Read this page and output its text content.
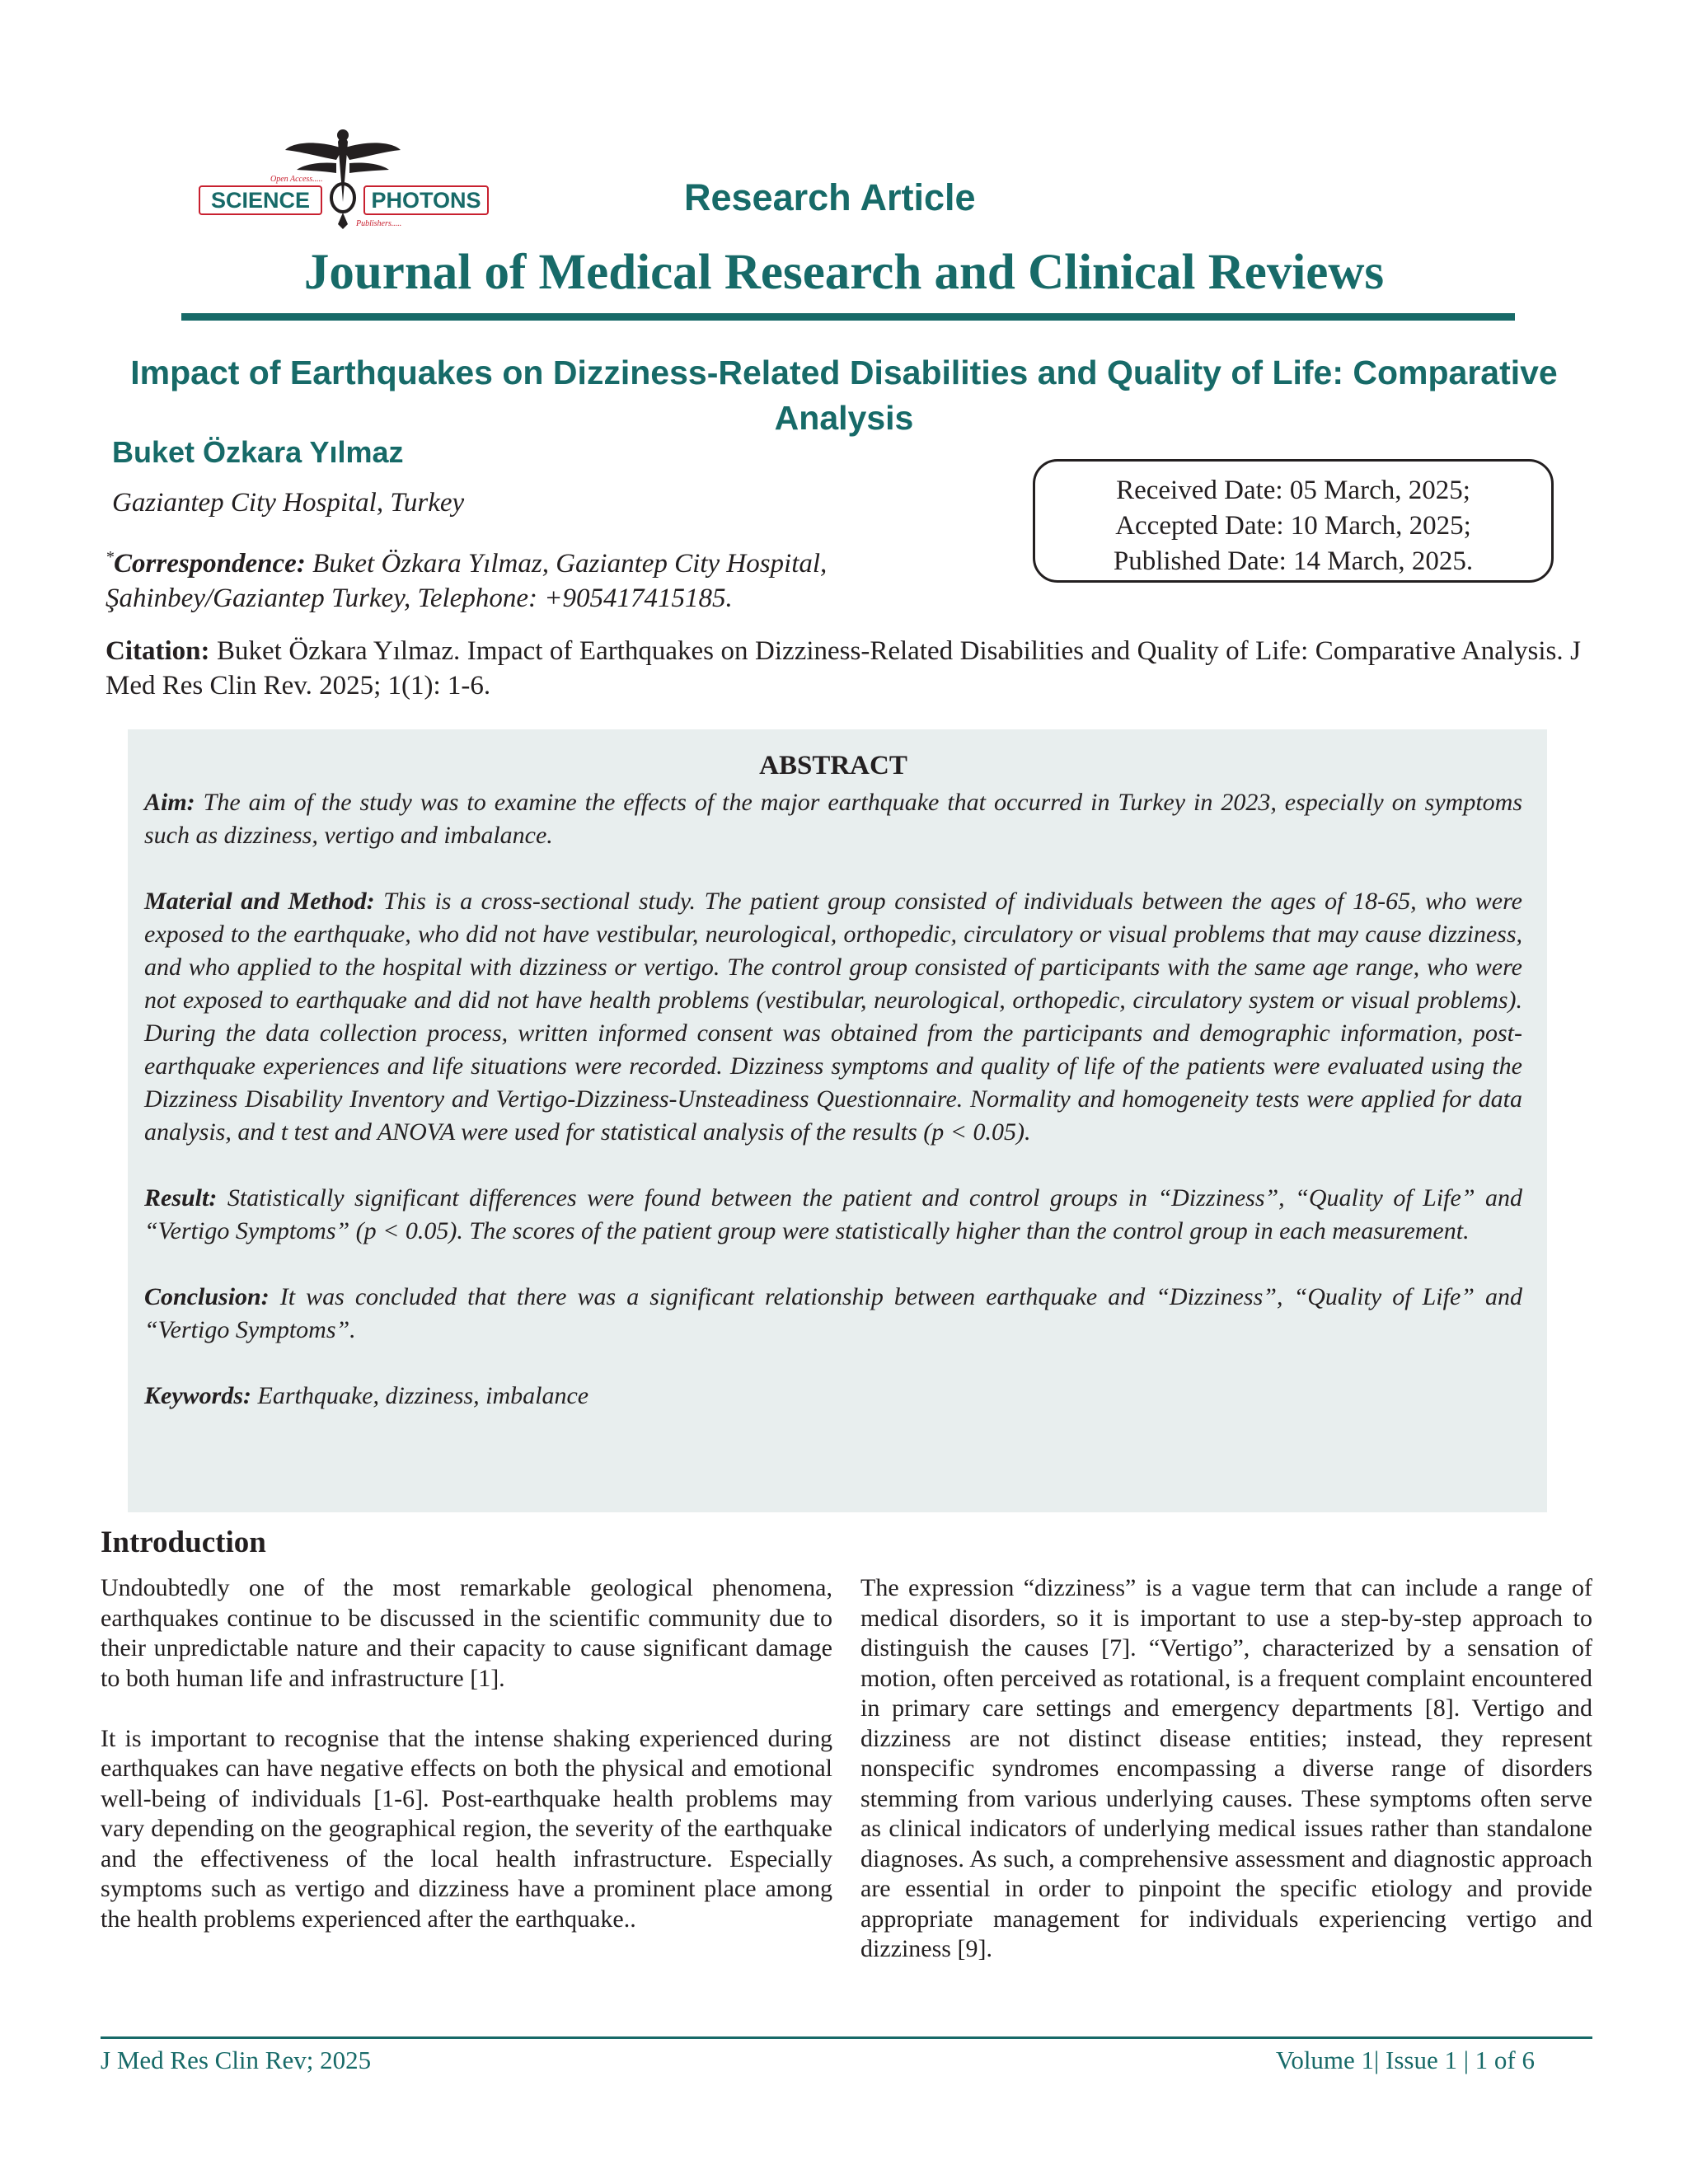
Open Access.....
SCIENCE	PHOTONS
Publishers.....
Research Article
Journal of Medical Research and Clinical Reviews
Impact of Earthquakes on Dizziness-Related Disabilities and Quality of Life: Comparative Analysis
Buket Özkara Yılmaz
Gaziantep City Hospital, Turkey
*Correspondence: Buket Özkara Yılmaz, Gaziantep City Hospital, Şahinbey/Gaziantep Turkey, Telephone: +905417415185.
Received Date: 05 March, 2025;
Accepted Date: 10 March, 2025;
Published Date: 14 March, 2025.
Citation: Buket Özkara Yılmaz. Impact of Earthquakes on Dizziness-Related Disabilities and Quality of Life: Comparative Analysis. J Med Res Clin Rev. 2025; 1(1): 1-6.
ABSTRACT

Aim: The aim of the study was to examine the effects of the major earthquake that occurred in Turkey in 2023, especially on symptoms such as dizziness, vertigo and imbalance.

Material and Method: This is a cross-sectional study. The patient group consisted of individuals between the ages of 18-65, who were exposed to the earthquake, who did not have vestibular, neurological, orthopedic, circulatory or visual problems that may cause dizziness, and who applied to the hospital with dizziness or vertigo. The control group consisted of participants with the same age range, who were not exposed to earthquake and did not have health problems (vestibular, neurological, orthopedic, circulatory system or visual problems). During the data collection process, written informed consent was obtained from the participants and demographic information, post-earthquake experiences and life situations were recorded. Dizziness symptoms and quality of life of the patients were evaluated using the Dizziness Disability Inventory and Vertigo-Dizziness-Unsteadiness Questionnaire. Normality and homogeneity tests were applied for data analysis, and t test and ANOVA were used for statistical analysis of the results (p < 0.05).

Result: Statistically significant differences were found between the patient and control groups in “Dizziness”, “Quality of Life” and “Vertigo Symptoms” (p < 0.05). The scores of the patient group were statistically higher than the control group in each measurement.

Conclusion: It was concluded that there was a significant relationship between earthquake and “Dizziness”, “Quality of Life” and “Vertigo Symptoms”.

Keywords: Earthquake, dizziness, imbalance

Introduction

Undoubtedly one of the most remarkable geological phenomena, earthquakes continue to be discussed in the scientific community due to their unpredictable nature and their capacity to cause significant damage to both human life and infrastructure [1].

It is important to recognise that the intense shaking experienced during earthquakes can have negative effects on both the physical and emotional well-being of individuals [1-6]. Post-earthquake health problems may vary depending on the geographical region, the severity of the earthquake and the effectiveness of the local health infrastructure. Especially symptoms such as vertigo and dizziness have a prominent place among the health problems experienced after the earthquake..

The expression “dizziness” is a vague term that can include a range of medical disorders, so it is important to use a step-by-step approach to distinguish the causes [7]. “Vertigo”, characterized by a sensation of motion, often perceived as rotational, is a frequent complaint encountered in primary care settings and emergency departments [8]. Vertigo and dizziness are not distinct disease entities; instead, they represent nonspecific syndromes encompassing a diverse range of disorders stemming from various underlying causes. These symptoms often serve as clinical indicators of underlying medical issues rather than standalone diagnoses. As such, a comprehensive assessment and diagnostic approach are essential in order to pinpoint the specific etiology and provide appropriate management for individuals experiencing vertigo and dizziness [9].

J Med Res Clin Rev; 2025	Volume 1| Issue 1 | 1 of 6
